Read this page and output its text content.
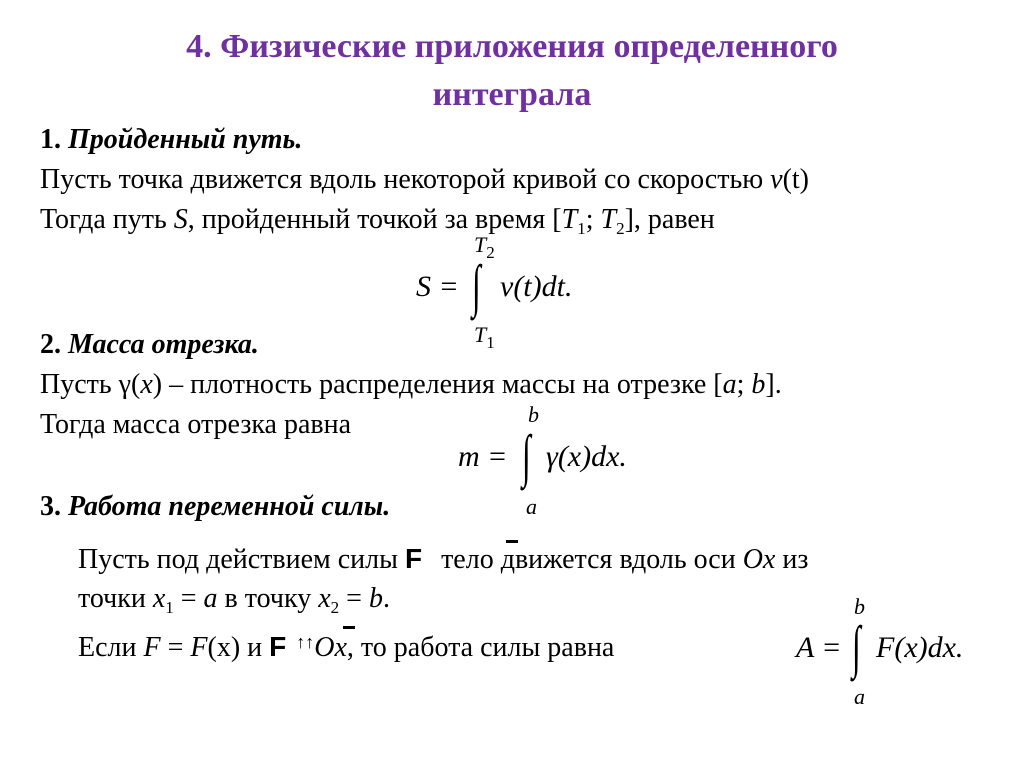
4. Физические приложения определенного
интеграла
1. Пройденный путь.
Пусть точка движется вдоль некоторой кривой со скоростью v(t)
Тогда путь S, пройденный точкой за время [$T_1$; $T_2$], равен
$T_2$
S = ∫ v(t)dt.
$T_1$
2. Масса отрезка.
Пусть γ(x) – плотность распределения массы на отрезке [a; b].
Тогда масса отрезка равна	b
m = ∫ γ(x)dx.
a
3. Работа переменной силы.
Пусть под действием силы F тело движется вдоль оси Ox из
точки $x_1 = a$ в точку $x_2 = b$.
Если F = F(x) и F ↑↑Ox, то работа силы равна
b
A = ∫ F(x)dx.
a
